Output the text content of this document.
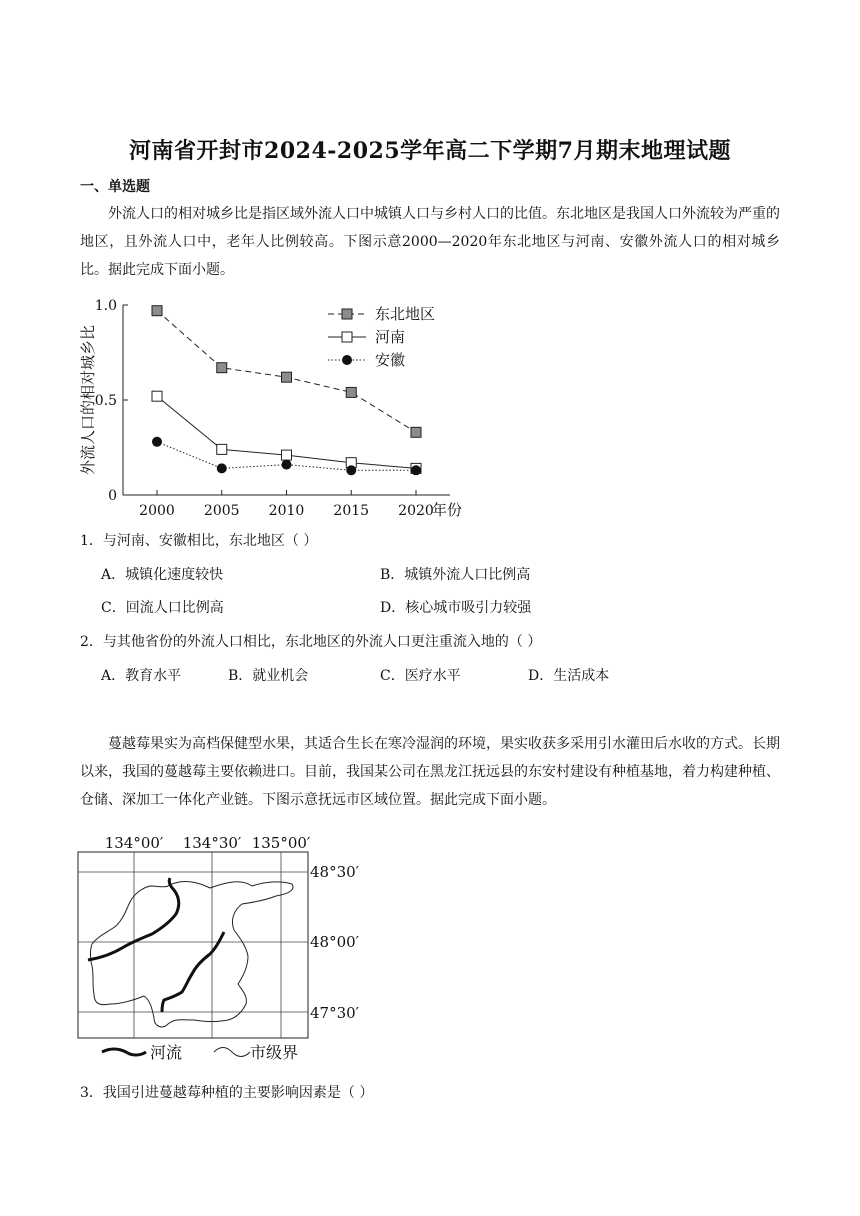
河南省开封市2024-2025学年高二下学期7月期末地理试题
一、单选题
外流人口的相对城乡比是指区域外流人口中城镇人口与乡村人口的比值。东北地区是我国人口外流较为严重的地区，且外流人口中，老年人比例较高。下图示意2000—2020年东北地区与河南、安徽外流人口的相对城乡比。据此完成下面小题。
0
0.5
1.0
2000 2005 2010 2015 2020
年份
外流人口的相对城乡比
东北地区
河南
安徽
1．与河南、安徽相比，东北地区（ ）
A．城镇化速度较快	B．城镇外流人口比例高
C．回流人口比例高	D．核心城市吸引力较强
2．与其他省份的外流人口相比，东北地区的外流人口更注重流入地的（ ）
A．教育水平	B．就业机会	C．医疗水平	D．生活成本
蔓越莓果实为高档保健型水果，其适合生长在寒冷湿润的环境，果实收获多采用引水灌田后水收的方式。长期以来，我国的蔓越莓主要依赖进口。目前，我国某公司在黑龙江抚远县的东安村建设有种植基地，着力构建种植、仓储、深加工一体化产业链。下图示意抚远市区域位置。据此完成下面小题。
134°00′ 134°30′ 135°00′
48°30′
48°00′
47°30′
河流	市级界
3．我国引进蔓越莓种植的主要影响因素是（ ）
